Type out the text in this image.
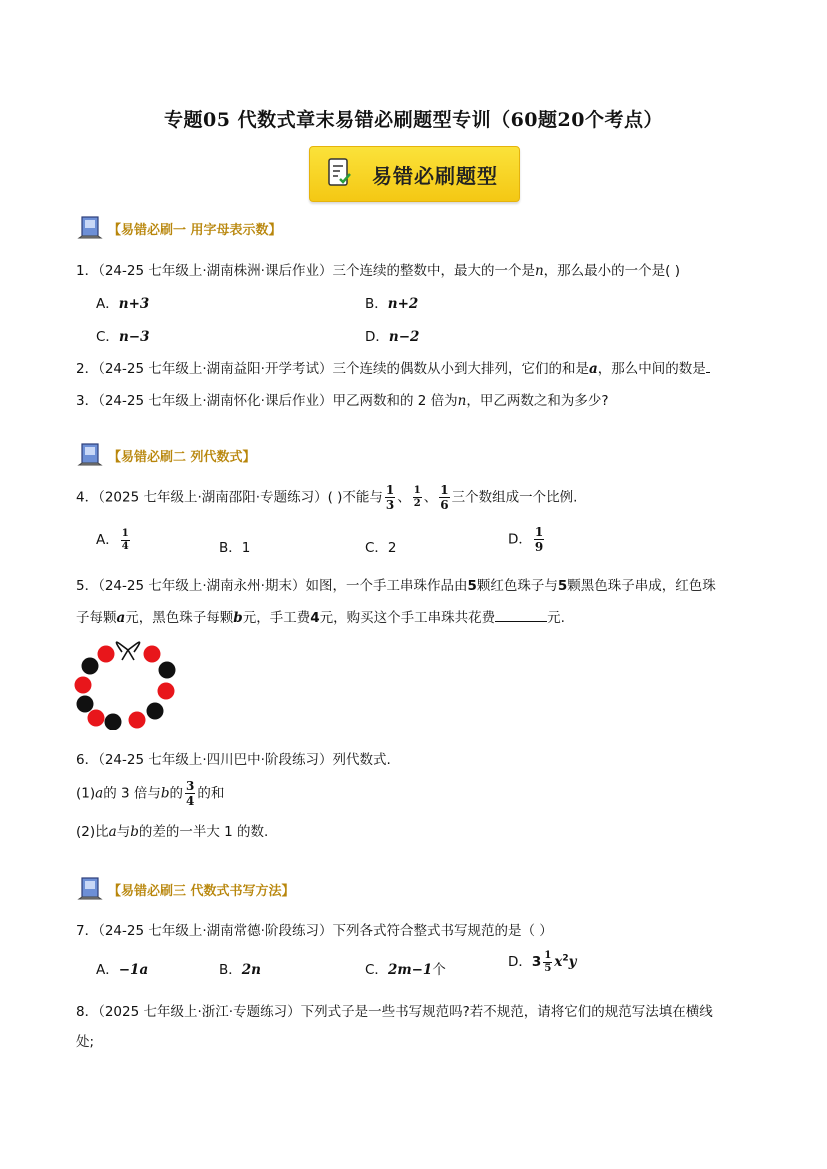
专题05 代数式章末易错必刷题型专训（60题20个考点）
易错必刷题型
【易错必刷一 用字母表示数】
1．（24-25 七年级上·湖南株洲·课后作业）三个连续的整数中，最大的一个是n，那么最小的一个是( )
A．n+3	B．n+2
C．n−3	D．n−2
2．（24-25 七年级上·湖南益阳·开学考试）三个连续的偶数从小到大排列，它们的和是a，那么中间的数是
3．（24-25 七年级上·湖南怀化·课后作业）甲乙两数和的 2 倍为n，甲乙两数之和为多少?
【易错必刷二 列代数式】
4．（2025 七年级上·湖南邵阳·专题练习）( )不能与 $\frac{1}{3}$ 、 $\frac{1}{2}$ 、 $\frac{1}{6}$ 三个数组成一个比例.
A． $\frac{1}{4}$	B．1	C．2
D． $\frac{1}{9}$
5．（24-25 七年级上·湖南永州·期末）如图，一个手工串珠作品由5颗红色珠子与5颗黑色珠子串成，红色珠
子每颗a元，黑色珠子每颗b元，手工费4元，购买这个手工串珠共花费	元.
6．（24-25 七年级上·四川巴中·阶段练习）列代数式.
(1)a的 3 倍与b的 $\frac{3}{4}$ 的和
(2)比a与b的差的一半大 1 的数.
【易错必刷三 代数式书写方法】
7．（24-25 七年级上·湖南常德·阶段练习）下列各式符合整式书写规范的是（ ）
A．−1a	B．2n	C．2m−1个	D．$3 \frac{1}{5} x^2y$
8．（2025 七年级上·浙江·专题练习）下列式子是一些书写规范吗?若不规范，请将它们的规范写法填在横线
处;
